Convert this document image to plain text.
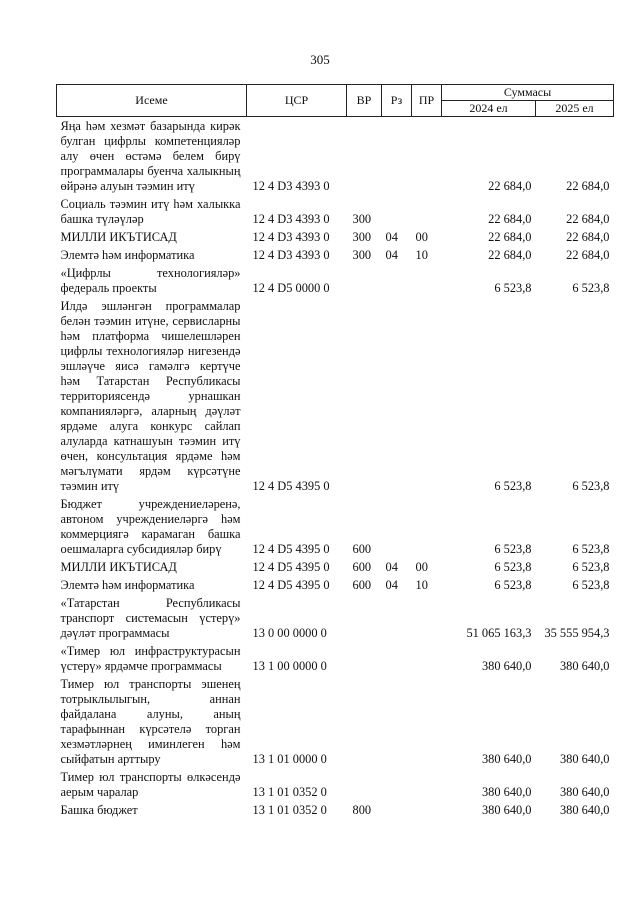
305
Исеме	ЦСР	ВР	Рз	ПР	Суммасы	
					2024 ел	2025 ел
Яңа һәм хезмәт базарында кирәк булган цифрлы компетенцияләр алу өчен өстәмә белем бирү программалары буенча халыкның өйрәнә алуын тәэмин итү	12 4 D3 4393 0				22 684,0	22 684,0
Социаль тәэмин итү һәм халыкка башка түләүләр	12 4 D3 4393 0	300			22 684,0	22 684,0
МИЛЛИ ИКЪТИСАД	12 4 D3 4393 0	300	04	00	22 684,0	22 684,0
Элемтә һәм информатика	12 4 D3 4393 0	300	04	10	22 684,0	22 684,0
«Цифрлы технологияләр» федераль проекты	12 4 D5 0000 0				6 523,8	6 523,8
Илдә эшләнгән программалар белән тәэмин итүне, сервисларны һәм платформа чишелешләрен цифрлы технологияләр нигезендә эшләүче яисә гамәлгә кертүче һәм Татарстан Республикасы территориясендә урнашкан компанияләргә, аларның дәүләт ярдәме алуга конкурс сайлап алуларда катнашуын тәэмин итү өчен, консультация ярдәме һәм мәгълүмати ярдәм күрсәтүне тәэмин итү	12 4 D5 4395 0				6 523,8	6 523,8
Бюджет учреждениеләренә, автоном учреждениеләргә һәм коммерциягә карамаган башка оешмаларга субсидияләр бирү	12 4 D5 4395 0	600			6 523,8	6 523,8
МИЛЛИ ИКЪТИСАД	12 4 D5 4395 0	600	04	00	6 523,8	6 523,8
Элемтә һәм информатика	12 4 D5 4395 0	600	04	10	6 523,8	6 523,8
«Татарстан Республикасы транспорт системасын үстерү» дәүләт программасы	13 0 00 0000 0				51 065 163,3	35 555 954,3
«Тимер юл инфраструктурасын үстерү» ярдәмче программасы	13 1 00 0000 0				380 640,0	380 640,0
Тимер юл транспорты эшенең тотрыклылыгын, аннан файдалана алуны, аның тарафыннан күрсәтелә торган хезмәтләрнең иминлеген һәм сыйфатын арттыру	13 1 01 0000 0				380 640,0	380 640,0
Тимер юл транспорты өлкәсендә аерым чаралар	13 1 01 0352 0				380 640,0	380 640,0
Башка бюджет	13 1 01 0352 0	800			380 640,0	380 640,0
